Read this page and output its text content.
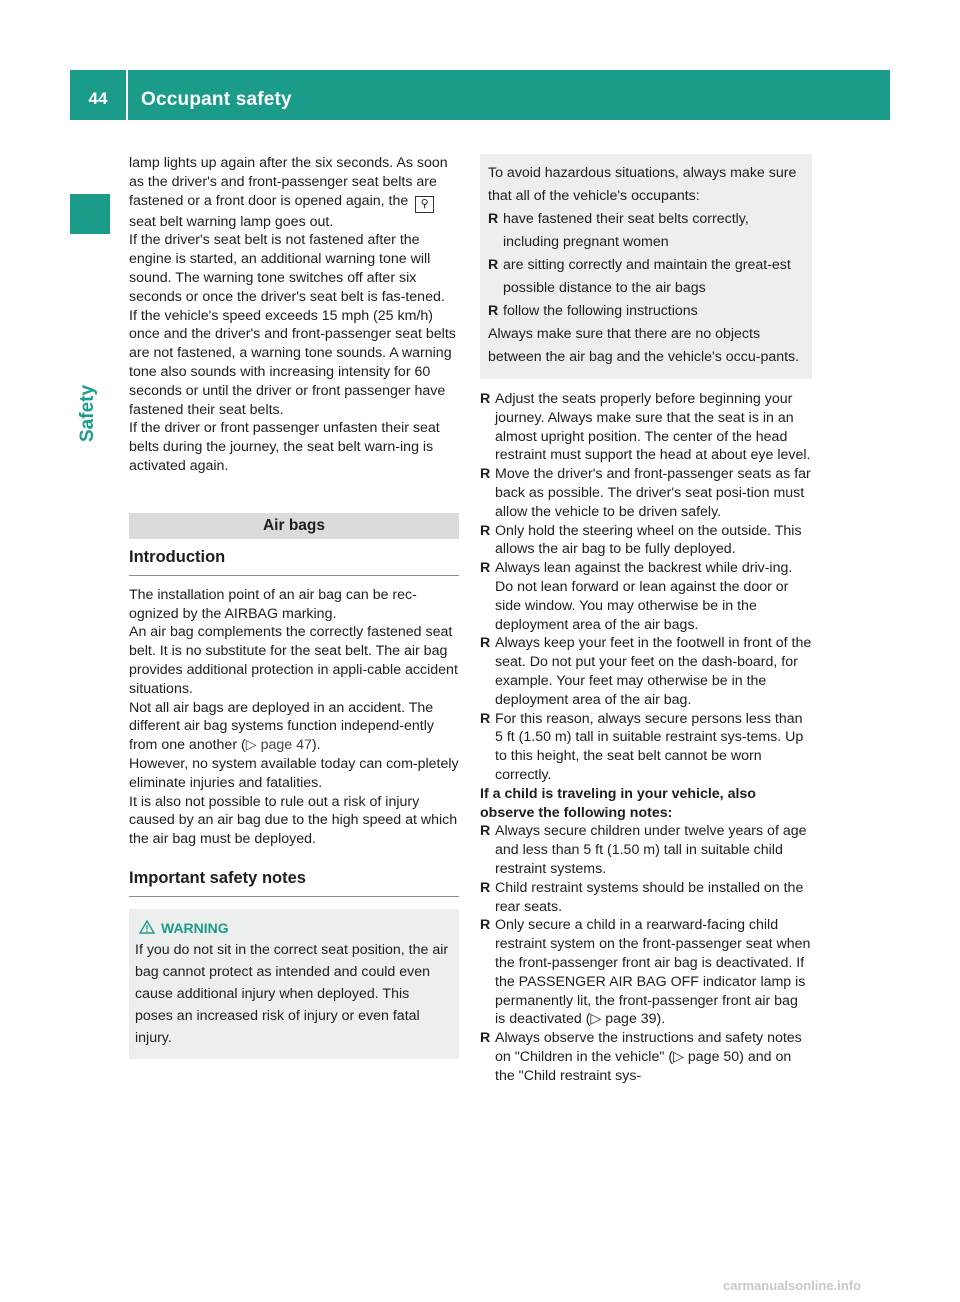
44	Occupant safety
Safety

lamp lights up again after the six seconds. As soon as the driver's and front-passenger seat belts are fastened or a front door is opened again, the ⚲ seat belt warning lamp goes out.

If the driver's seat belt is not fastened after the engine is started, an additional warning tone will sound. The warning tone switches off after six seconds or once the driver's seat belt is fas-tened.

If the vehicle's speed exceeds 15 mph (25 km/h) once and the driver's and front-passenger seat belts are not fastened, a warning tone sounds. A warning tone also sounds with increasing intensity for 60 seconds or until the driver or front passenger have fastened their seat belts.

If the driver or front passenger unfasten their seat belts during the journey, the seat belt warn-ing is activated again.

Air bags
Introduction

The installation point of an air bag can be rec-ognized by the AIRBAG marking.

An air bag complements the correctly fastened seat belt. It is no substitute for the seat belt. The air bag provides additional protection in appli-cable accident situations.

Not all air bags are deployed in an accident. The different air bag systems function independ-ently from one another (▷ page 47).

However, no system available today can com-pletely eliminate injuries and fatalities.

It is also not possible to rule out a risk of injury caused by an air bag due to the high speed at which the air bag must be deployed.

Important safety notes
WARNING

If you do not sit in the correct seat position, the air bag cannot protect as intended and could even cause additional injury when deployed. This poses an increased risk of injury or even fatal injury.

To avoid hazardous situations, always make sure that all of the vehicle's occupants:

R have fastened their seat belts correctly, including pregnant women

R are sitting correctly and maintain the great-est possible distance to the air bags

R follow the following instructions

Always make sure that there are no objects between the air bag and the vehicle's occu-pants.

R Adjust the seats properly before beginning your journey. Always make sure that the seat is in an almost upright position. The center of the head restraint must support the head at about eye level.

R Move the driver's and front-passenger seats as far back as possible. The driver's seat posi-tion must allow the vehicle to be driven safely.

R Only hold the steering wheel on the outside. This allows the air bag to be fully deployed.

R Always lean against the backrest while driv-ing. Do not lean forward or lean against the door or side window. You may otherwise be in the deployment area of the air bags.

R Always keep your feet in the footwell in front of the seat. Do not put your feet on the dash-board, for example. Your feet may otherwise be in the deployment area of the air bag.

R For this reason, always secure persons less than 5 ft (1.50 m) tall in suitable restraint sys-tems. Up to this height, the seat belt cannot be worn correctly.

If a child is traveling in your vehicle, also observe the following notes:

R Always secure children under twelve years of age and less than 5 ft (1.50 m) tall in suitable child restraint systems.

R Child restraint systems should be installed on the rear seats.

R Only secure a child in a rearward-facing child restraint system on the front-passenger seat when the front-passenger front air bag is deactivated. If the PASSENGER AIR BAG OFF indicator lamp is permanently lit, the front-passenger front air bag is deactivated (▷ page 39).

R Always observe the instructions and safety notes on "Children in the vehicle" (▷ page 50) and on the "Child restraint sys-

carmanualsonline.info
